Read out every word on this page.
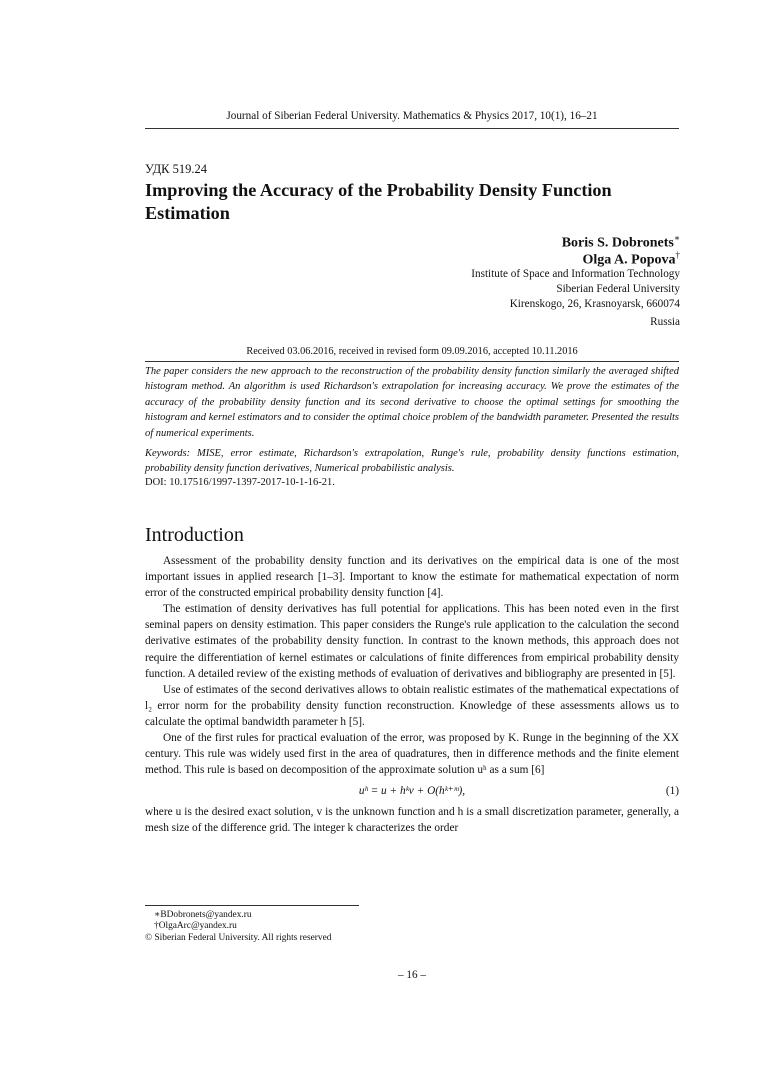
Journal of Siberian Federal University. Mathematics & Physics 2017, 10(1), 16–21
УДК 519.24
Improving the Accuracy of the Probability Density Function Estimation
Boris S. Dobronets∗
Olga A. Popova†
Institute of Space and Information Technology
Siberian Federal University
Kirenskogo, 26, Krasnoyarsk, 660074
Russia
Received 03.06.2016, received in revised form 09.09.2016, accepted 10.11.2016

The paper considers the new approach to the reconstruction of the probability density function similarly the averaged shifted histogram method. An algorithm is used Richardson's extrapolation for increasing accuracy. We prove the estimates of the accuracy of the probability density function and its second derivative to choose the optimal settings for smoothing the histogram and kernel estimators and to consider the optimal choice problem of the bandwidth parameter. Presented the results of numerical experiments.

Keywords: MISE, error estimate, Richardson's extrapolation, Runge's rule, probability density functions estimation, probability density function derivatives, Numerical probabilistic analysis.

DOI: 10.17516/1997-1397-2017-10-1-16-21.
Introduction

Assessment of the probability density function and its derivatives on the empirical data is one of the most important issues in applied research [1–3]. Important to know the estimate for mathematical expectation of norm error of the constructed empirical probability density function [4].

The estimation of density derivatives has full potential for applications. This has been noted even in the first seminal papers on density estimation. This paper considers the Runge's rule application to the calculation the second derivative estimates of the probability density function. In contrast to the known methods, this approach does not require the differentiation of kernel estimates or calculations of finite differences from empirical probability density function. A detailed review of the existing methods of evaluation of derivatives and bibliography are presented in [5].

Use of estimates of the second derivatives allows to obtain realistic estimates of the mathematical expectations of l₂ error norm for the probability density function reconstruction. Knowledge of these assessments allows us to calculate the optimal bandwidth parameter h [5].

One of the first rules for practical evaluation of the error, was proposed by K. Runge in the beginning of the XX century. This rule was widely used first in the area of quadratures, then in difference methods and the finite element method. This rule is based on decomposition of the approximate solution uʰ as a sum [6]

uʰ = u + hᵏv + O(hᵏ⁺ᵐ),	(1)

where u is the desired exact solution, v is the unknown function and h is a small discretization parameter, generally, a mesh size of the difference grid. The integer k characterizes the order

∗BDobronets@yandex.ru
†OlgaArc@yandex.ru
© Siberian Federal University. All rights reserved
– 16 –
